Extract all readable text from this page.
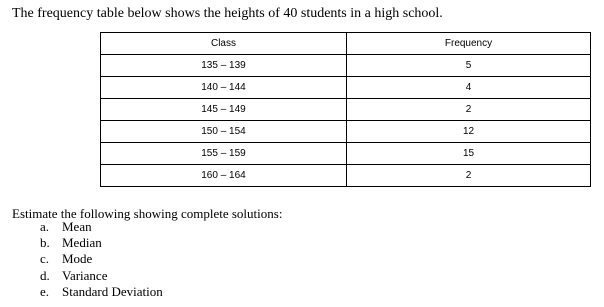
The frequency table below shows the heights of 40 students in a high school.
Class	Frequency
135 – 139	5
140 – 144	4
145 – 149	2
150 – 154	12
155 – 159	15
160 – 164	2
Estimate the following showing complete solutions:
a. Mean
b. Median
c. Mode
d. Variance
e. Standard Deviation
